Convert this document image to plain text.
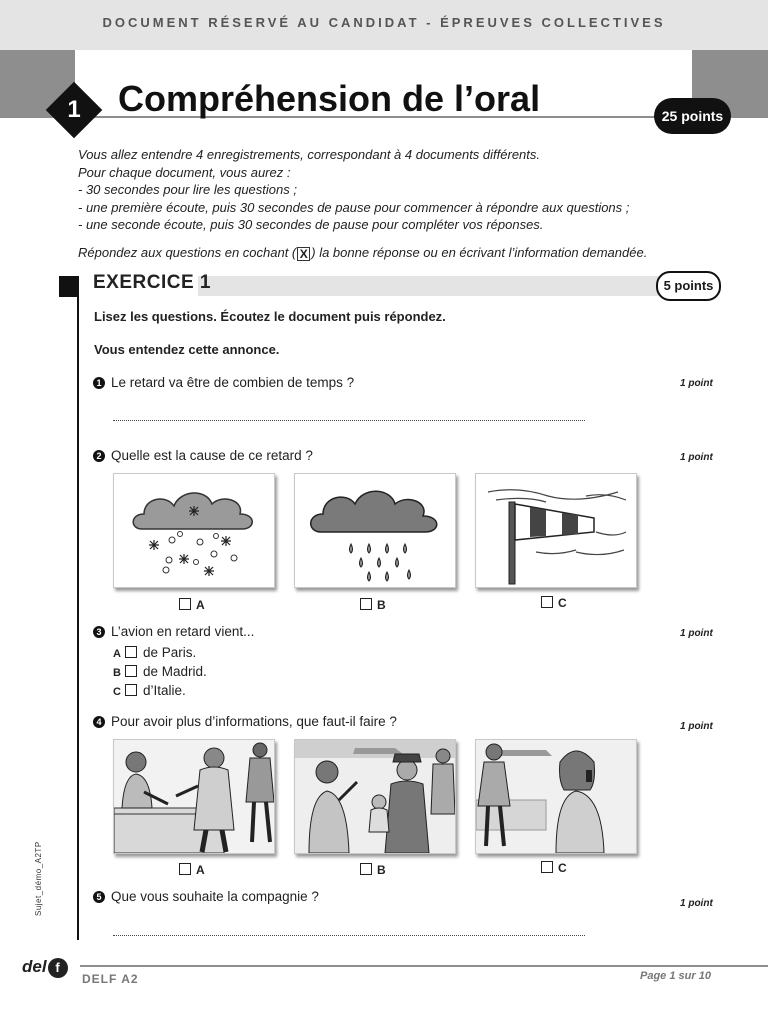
DOCUMENT RÉSERVÉ AU CANDIDAT - ÉPREUVES COLLECTIVES
1	Compréhension de l’oral	25 points
Vous allez entendre 4 enregistrements, correspondant à 4 documents différents.
Pour chaque document, vous aurez :
- 30 secondes pour lire les questions ;
- une première écoute, puis 30 secondes de pause pour commencer à répondre aux questions ;
- une seconde écoute, puis 30 secondes de pause pour compléter vos réponses.
Répondez aux questions en cochant ( X ) la bonne réponse ou en écrivant l’information demandée.
EXERCICE 1	5 points
Lisez les questions. Écoutez le document puis répondez.
Vous entendez cette annonce.
1 Le retard va être de combien de temps ?	1 point
2 Quelle est la cause de ce retard ?	1 point
A	B	C
3 L’avion en retard vient...	1 point
A de Paris.
B de Madrid.
C d’Italie.
4 Pour avoir plus d’informations, que faut-il faire ?	1 point
A	B	C
5 Que vous souhaite la compagnie ?	1 point
Sujet_démo_A2TP
del f
DELF A2	Page 1 sur 10
